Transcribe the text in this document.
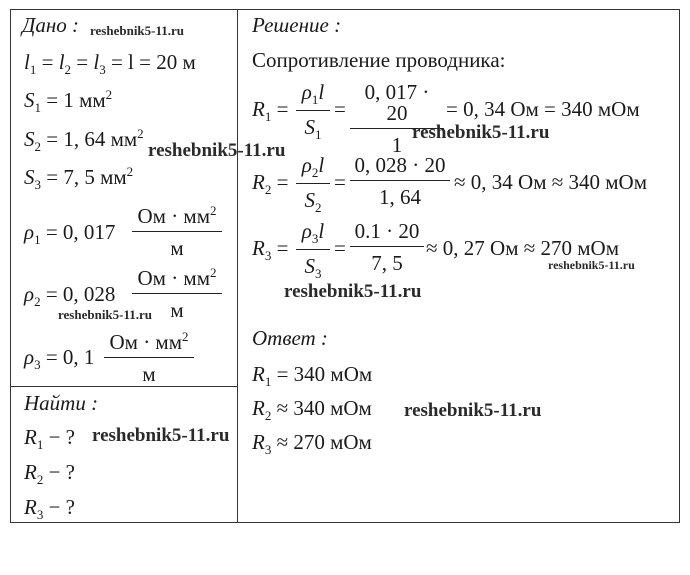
Дано : reshebnik5-11.ru
$l_1 = l_2 = l_3 = l = 20$ м
$S_1 = 1$ $мм^2$
$S_2 = 1$, 64 $мм^2$
reshebnik5-11.ru
$S_3 = 7$, 5 $мм^2$
$\rho_1 = 0$, 017
Ом · $мм^2$
м
$\rho_2 = 0$, 028
Ом · $мм^2$
м
reshebnik5-11.ru
$\rho_3 = 0$, 1
Ом · $мм^2$
м
Найти :
$R_1$ − ? reshebnik5-11.ru
$R_2$ − ?
$R_3$ − ?
Решение :
Сопротивление проводника:
$R_1 = \frac{\rho_1l}{S_1} = \frac{0, 017 \cdot 20}{1} = 0$, 34 Ом = 340 мОм
reshebnik5-11.ru
$R_2 = \frac{\rho_2l}{S_2} = \frac{0, 028 \cdot 20}{1, 64} \approx 0$, 34 Ом ≈ 340 мОм
$R_3 = \frac{\rho_3l}{S_3} = \frac{0.1 \cdot 20}{7, 5} \approx 0$, 27 Ом ≈ 270 мОм
reshebnik5-11.ru
reshebnik5-11.ru
Ответ :
$R_1 = 340$ мОм
$R_2 \approx 340$ мОм reshebnik5-11.ru
$R_3 \approx 270$ мОм
